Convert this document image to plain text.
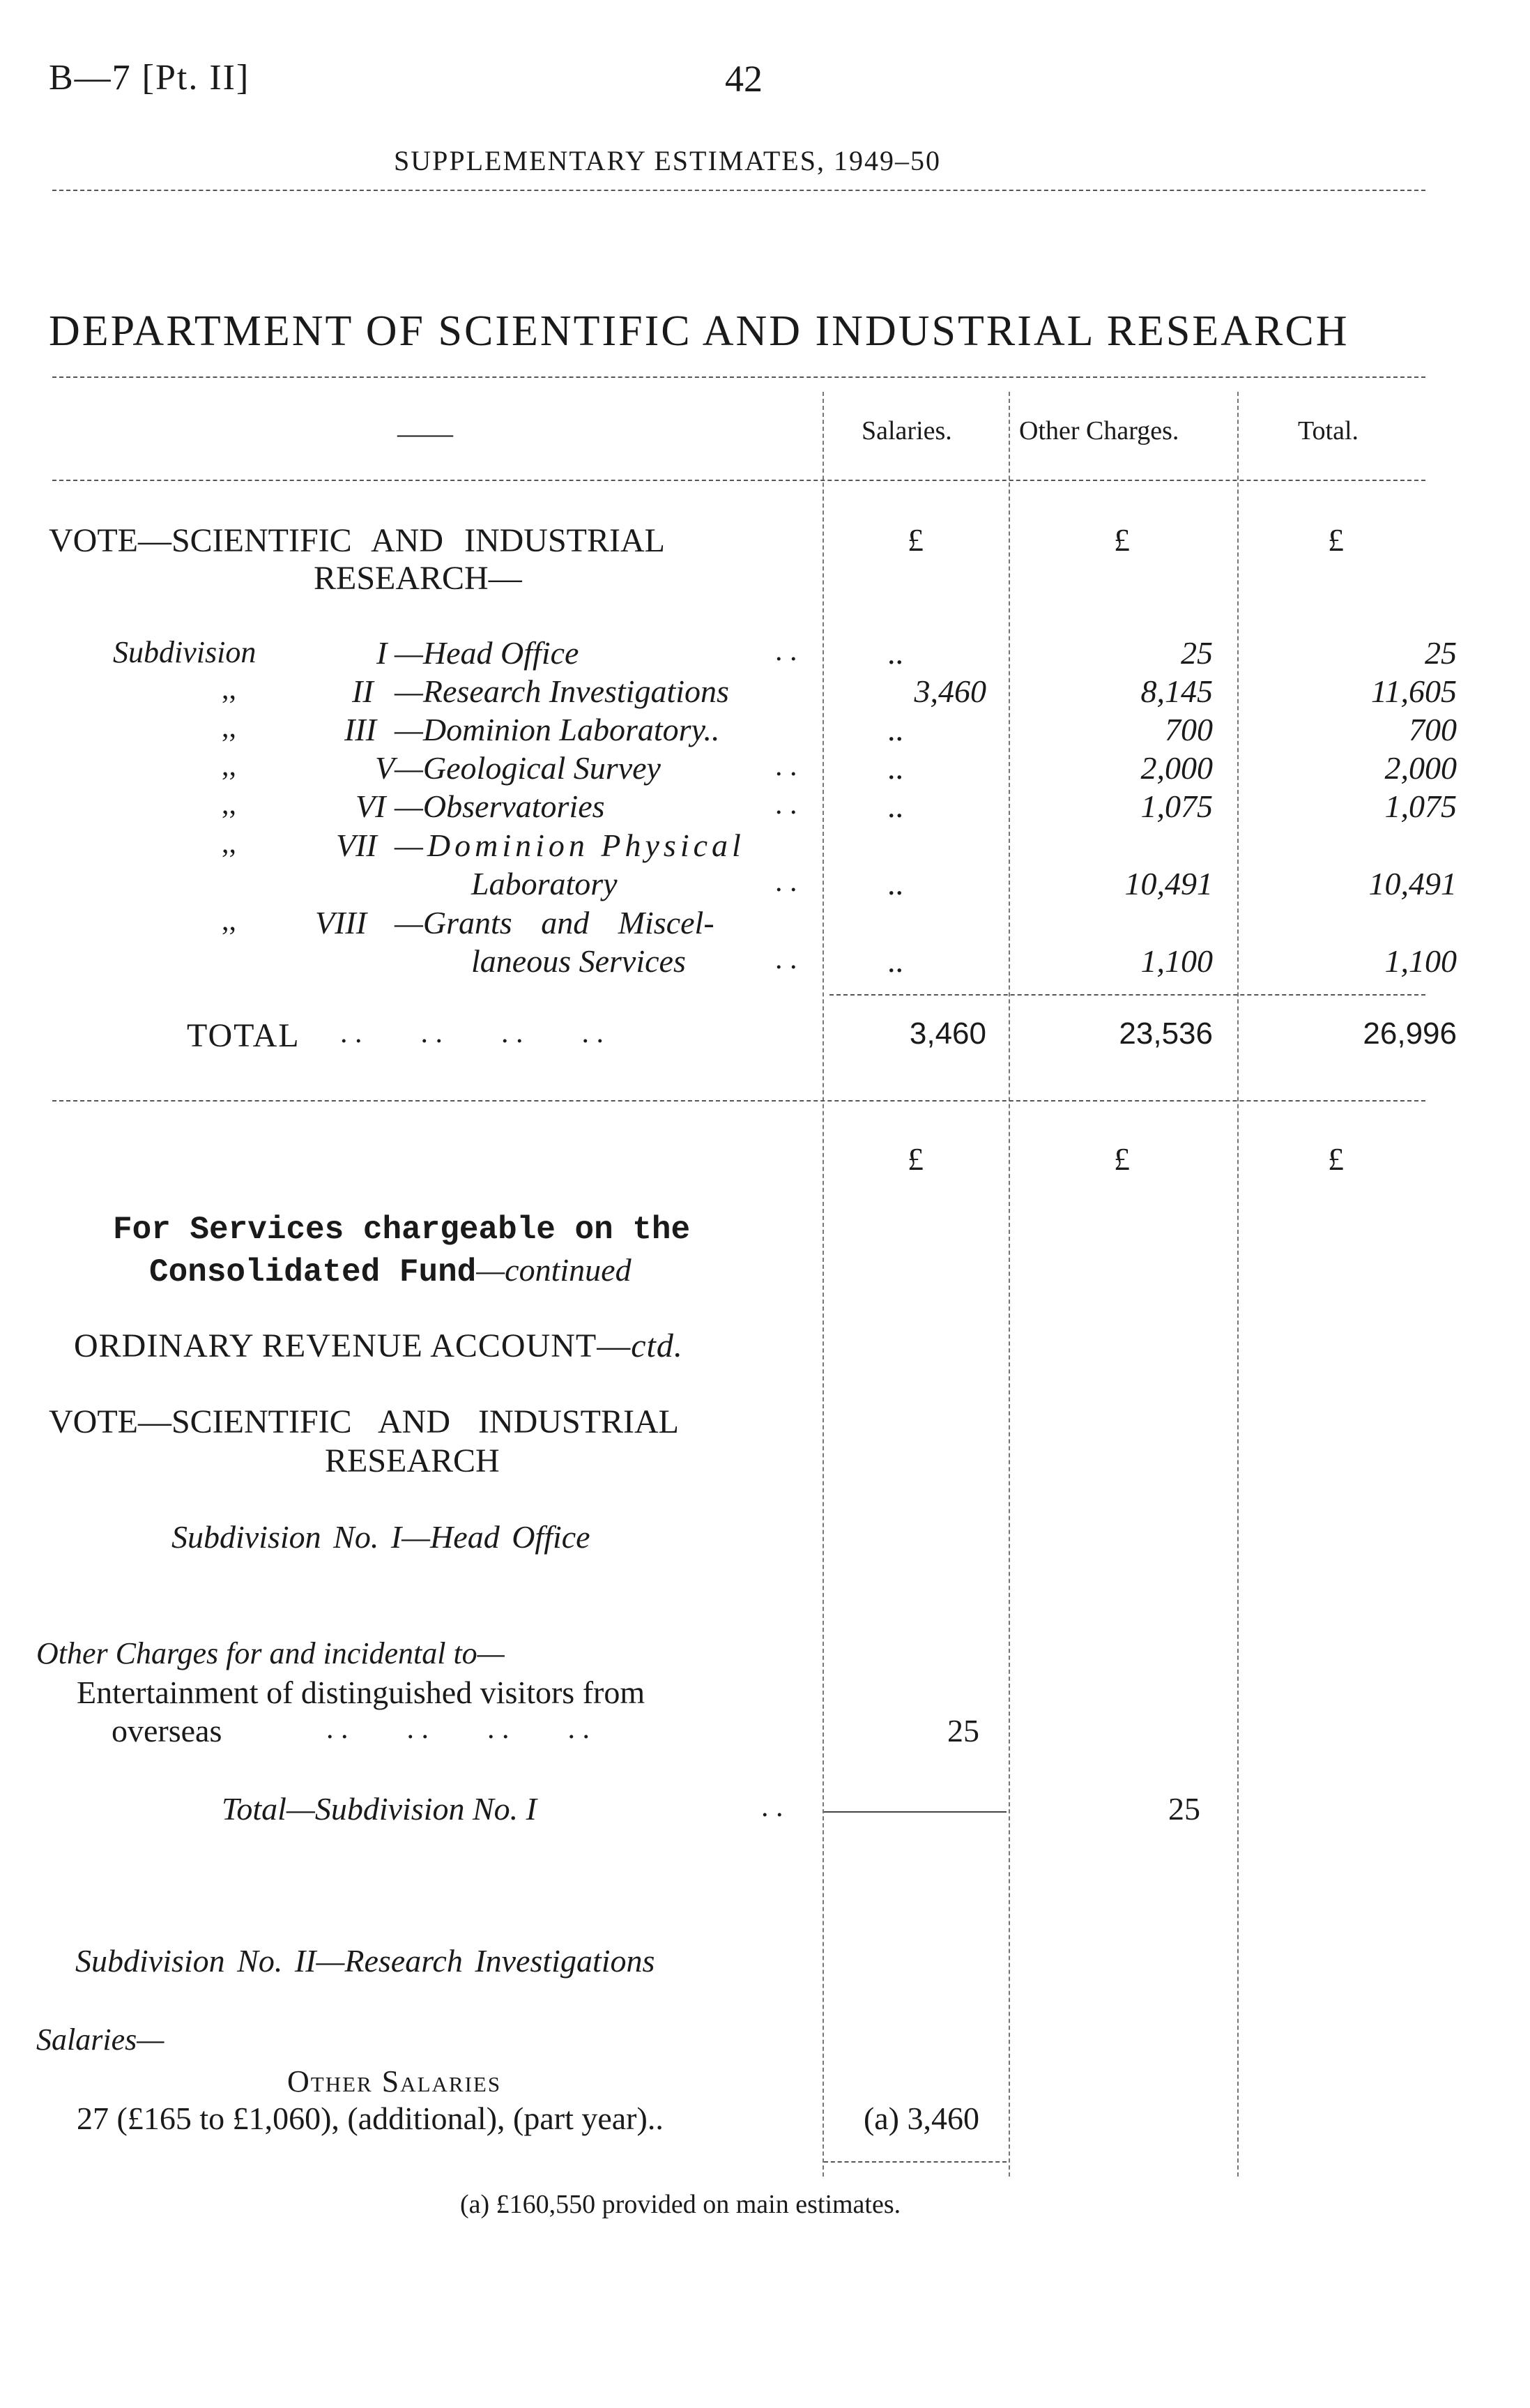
B—7 [Pt. II]	42
SUPPLEMENTARY ESTIMATES, 1949–50
DEPARTMENT OF SCIENTIFIC AND INDUSTRIAL RESEARCH
——	Salaries.	Other Charges.	Total.
VOTE—SCIENTIFIC AND INDUSTRIAL
RESEARCH—
£	£	£
Subdivision	I —Head Office	. .	..	25	25
,,	II —Research Investigations	3,460	8,145	11,605
,,	III —Dominion Laboratory..	..	700	700
,,	V —Geological Survey	. .	..	2,000	2,000
,,	VI —Observatories	. .	..	1,075	1,075
,,	VII —Dominion Physical
Laboratory	. .	..	10,491	10,491
,, VIII —Grants and Miscel-
laneous Services	. .	..	1,100	1,100
TOTAL . .        . .        . .        . .	3,460	23,536	26,996
£	£	£
For Services chargeable on the
Consolidated Fund—continued
ORDINARY REVENUE ACCOUNT—ctd.
VOTE—SCIENTIFIC AND INDUSTRIAL
RESEARCH
Subdivision No. I—Head Office
Other Charges for and incidental to—
Entertainment of distinguished visitors from
overseas	. .        . .        . .        . .	25
Total—Subdivision No. I	. .	25
Subdivision No. II—Research Investigations
Salaries—
Other Salaries
27 (£165 to £1,060), (additional), (part year)..	(a) 3,460
(a) £160,550 provided on main estimates.
